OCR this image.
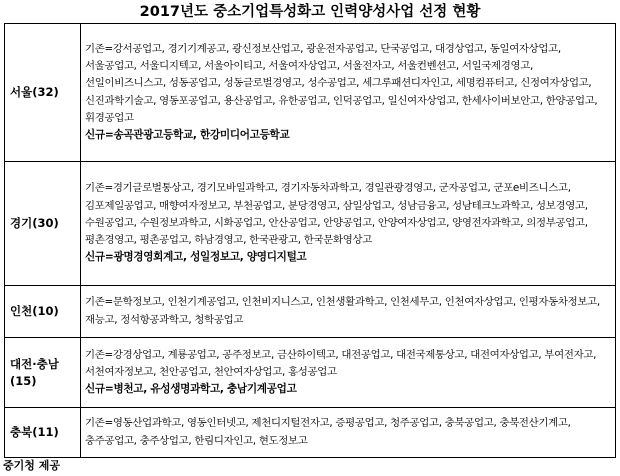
2017년도 중소기업특성화고 인력양성사업 선정 현황
서울(32)	기존=강서공업고, 경기기계공고, 광신정보산업고, 광운전자공업고, 단국공업고, 대경상업고, 동일여자상업고, 서울공업고, 서울디지텍고, 서울아이티고, 서울여자상업고, 서울전자고, 서울컨벤션고, 서일국제경영고, 선일이비즈니스고, 성동공업고, 성동글로벌경영고, 성수공업고, 세그루패션디자인고, 세명컴퓨터고, 신정여자상업고, 신진과학기술고, 영동포공업고, 용산공업고, 유한공업고, 인덕공업고, 일신여자상업고, 한세사이버보안고, 한양공업고, 휘경공업고
신규=송곡관광고등학교, 한강미디어고등학교

경기(30)	기존=경기글로벌통상고, 경기모바일과학고, 경기자동차과학고, 경일관광경영고, 군자공업고, 군포e비즈니스고, 김포제일공업고, 매향여자정보고, 부천공업고, 분당경영고, 삼일상업고, 성남금융고, 성남테크노과학고, 성보경영고, 수원공업고, 수원정보과학고, 시화공업고, 안산공업고, 안양공업고, 안양여자상업고, 양영전자과학고, 의정부공업고, 평촌경영고, 평촌공업고, 하남경영고, 한국관광고, 한국문화영상고
신규=광명경영회계고, 성일정보고, 양영디지털고

인천(10)	기존=문학정보고, 인천기계공업고, 인천비지니스고, 인천생활과학고, 인천세무고, 인천여자상업고, 인평자동차정보고, 재능고, 정석항공과학고, 청학공업고

대전·충남(15)	기존=강경상업고, 계룡공업고, 공주정보고, 금산하이텍고, 대전공업고, 대전국제통상고, 대전여자상업고, 부여전자고, 서천여자정보고, 천안공업고, 천안여자상업고, 홍성공업고
신규=병천고, 유성생명과학고, 충남기계공업고

충북(11)	기존=영동산업과학고, 영동인터넷고, 제천디지털전자고, 증평공업고, 청주공업고, 충북공업고, 충북전산기계고, 충주공업고, 충주상업고, 한림디자인고, 현도정보고
중기청 제공
